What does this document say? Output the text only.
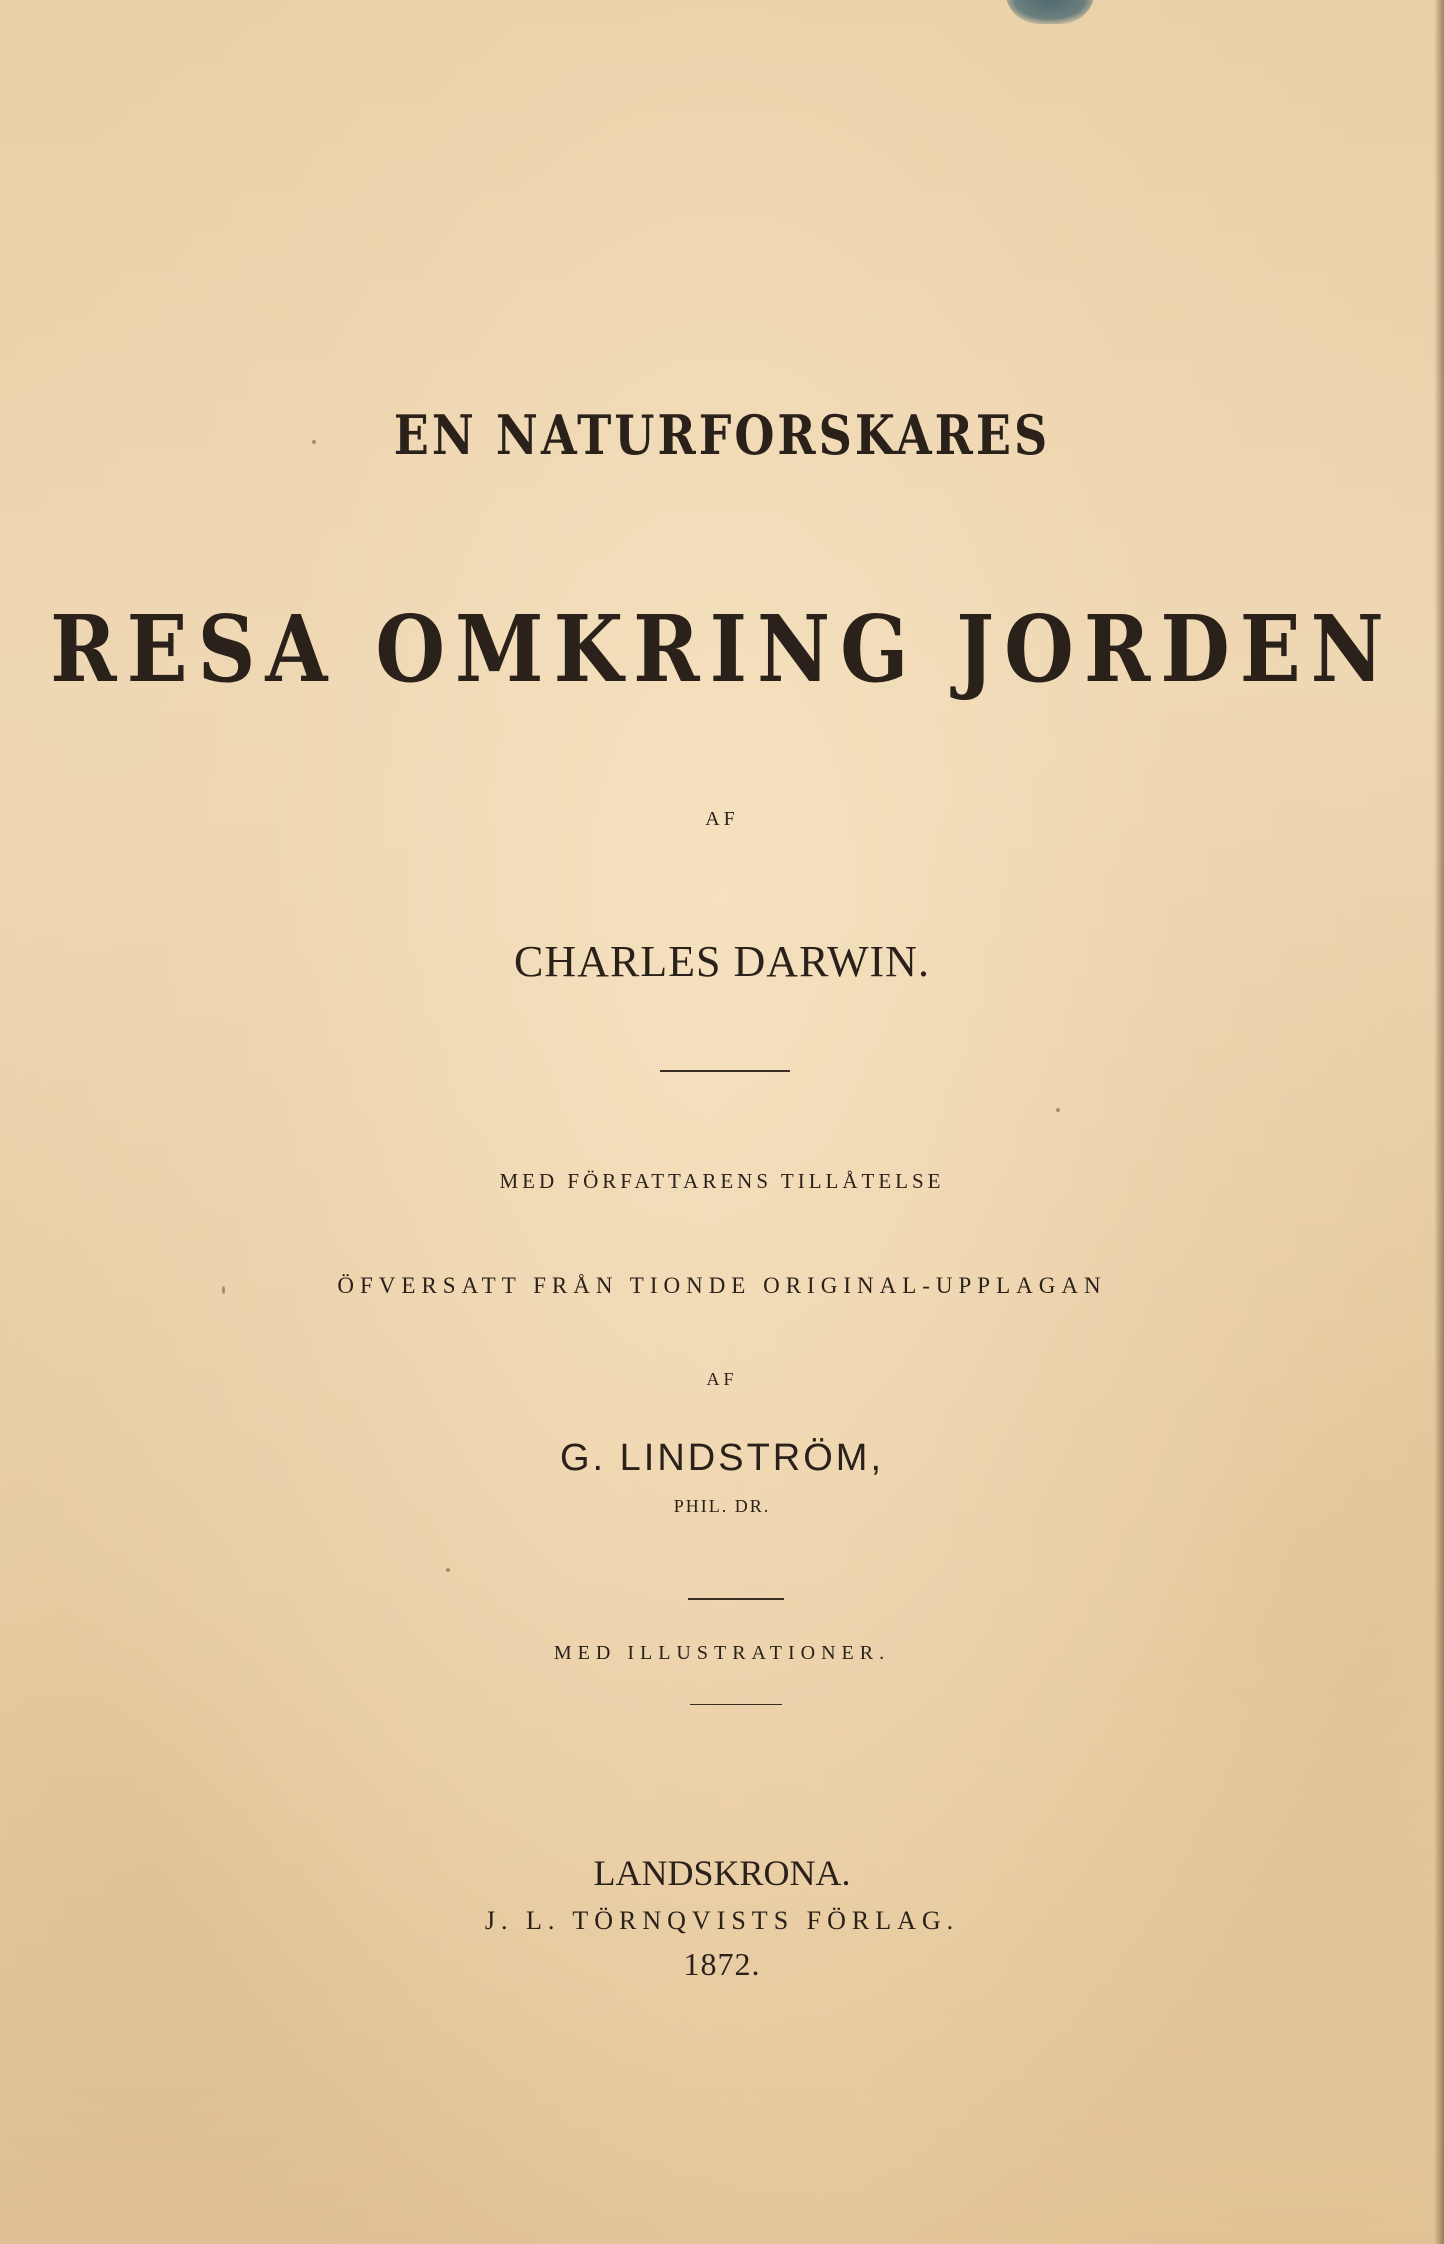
EN NATURFORSKARES

RESA OMKRING JORDEN

AF

CHARLES DARWIN.

MED FÖRFATTARENS TILLÅTELSE

ÖFVERSATT FRÅN TIONDE ORIGINAL-UPPLAGAN

AF

G. LINDSTRÖM,

PHIL. DR.

MED ILLUSTRATIONER.

LANDSKRONA.

J. L. TÖRNQVISTS FÖRLAG.

1872.
